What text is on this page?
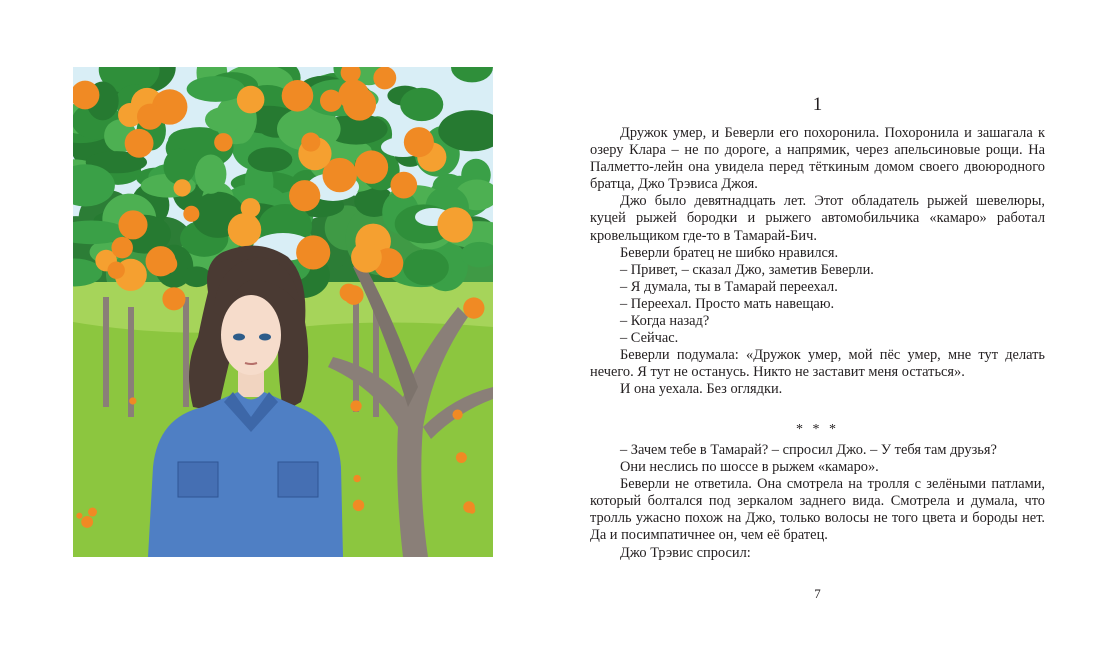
1

Дружок умер, и Беверли его похоронила. Похоронила и зашагала к озеру Клара – не по дороге, а напрямик, через апельсиновые рощи. На Палметто-лейн она увидела перед тёткиным домом своего двоюродного братца, Джо Трэвиса Джоя.

Джо было девятнадцать лет. Этот обладатель рыжей шевелюры, куцей рыжей бородки и рыжего автомобильчика «камаро» работал кровельщиком где-то в Тамарай-Бич.

Беверли братец не шибко нравился.

– Привет, – сказал Джо, заметив Беверли.

– Я думала, ты в Тамарай переехал.

– Переехал. Просто мать навещаю.

– Когда назад?

– Сейчас.

Беверли подумала: «Дружок умер, мой пёс умер, мне тут делать нечего. Я тут не останусь. Никто не заставит меня остаться».

И она уехала. Без оглядки.

* * *

– Зачем тебе в Тамарай? – спросил Джо. – У тебя там друзья?

Они неслись по шоссе в рыжем «камаро».

Беверли не ответила. Она смотрела на тролля с зелёными патлами, который болтался под зеркалом заднего вида. Смотрела и думала, что тролль ужасно похож на Джо, только волосы не того цвета и бороды нет. Да и посимпатичнее он, чем её братец.

Джо Трэвис спросил:

7
